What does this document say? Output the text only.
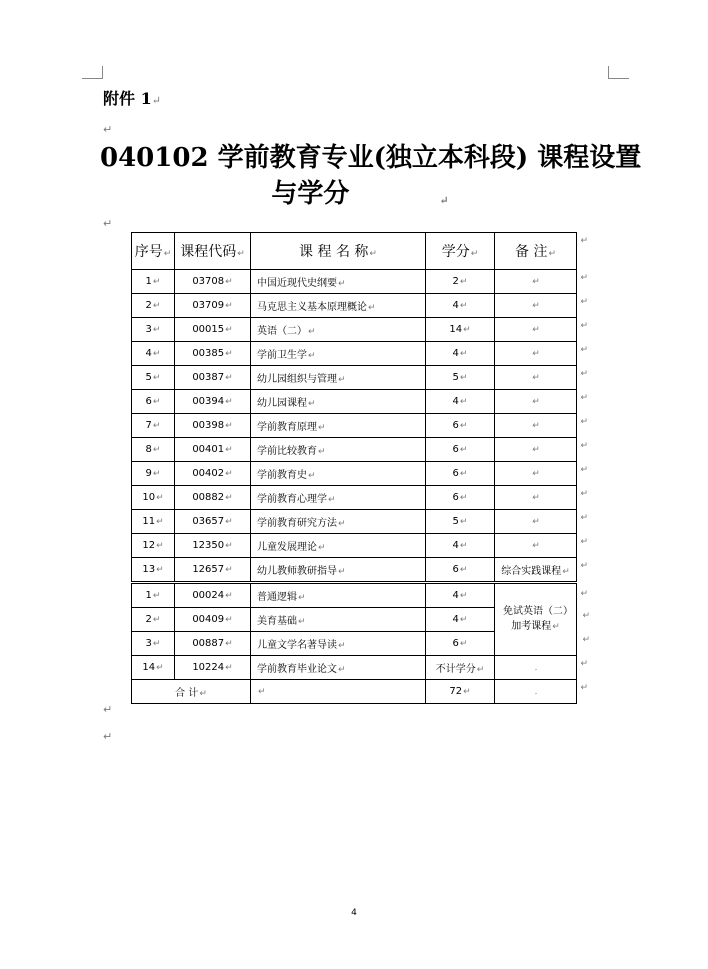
附件 1↵
↵
040102 学前教育专业(独立本科段) 课程设置
与学分	↵
↵
序号↵	课程代码↵	课 程 名 称↵	学分↵	备 注↵
↵

1↵	03708↵	中国近现代史纲要↵	2↵	↵ ↵

2↵	03709↵	马克思主义基本原理概论↵	4↵	↵ ↵

3↵	00015↵	英语（二）↵	14↵	↵ ↵

4↵	00385↵	学前卫生学↵	4↵	↵ ↵

5↵	00387↵	幼儿园组织与管理↵	5↵	↵ ↵

6↵	00394↵	幼儿园课程↵	4↵	↵ ↵

7↵	00398↵	学前教育原理↵	6↵	↵ ↵

8↵	00401↵	学前比较教育↵	6↵	↵ ↵

9↵	00402↵	学前教育史↵	6↵	↵ ↵

10↵	00882↵	学前教育心理学↵	6↵	↵ ↵

11↵	03657↵	学前教育研究方法↵	5↵	↵ ↵

12↵	12350↵	儿童发展理论↵	4↵	↵ ↵

13↵	12657↵	幼儿教师教研指导↵	6↵	综合实践课程↵
↵

1↵	00024↵	普通逻辑↵	4↵	免试英语（二）加考课程↵
↵

2↵	00409↵	美育基础↵	4↵ ↵	

3↵	00887↵	儿童文学名著导读↵	6↵ ↵	

14↵	10224↵	学前教育毕业论文↵	不计学分↵	. ↵

合 计↵		↵	72↵	. ↵
↵
↵
4
